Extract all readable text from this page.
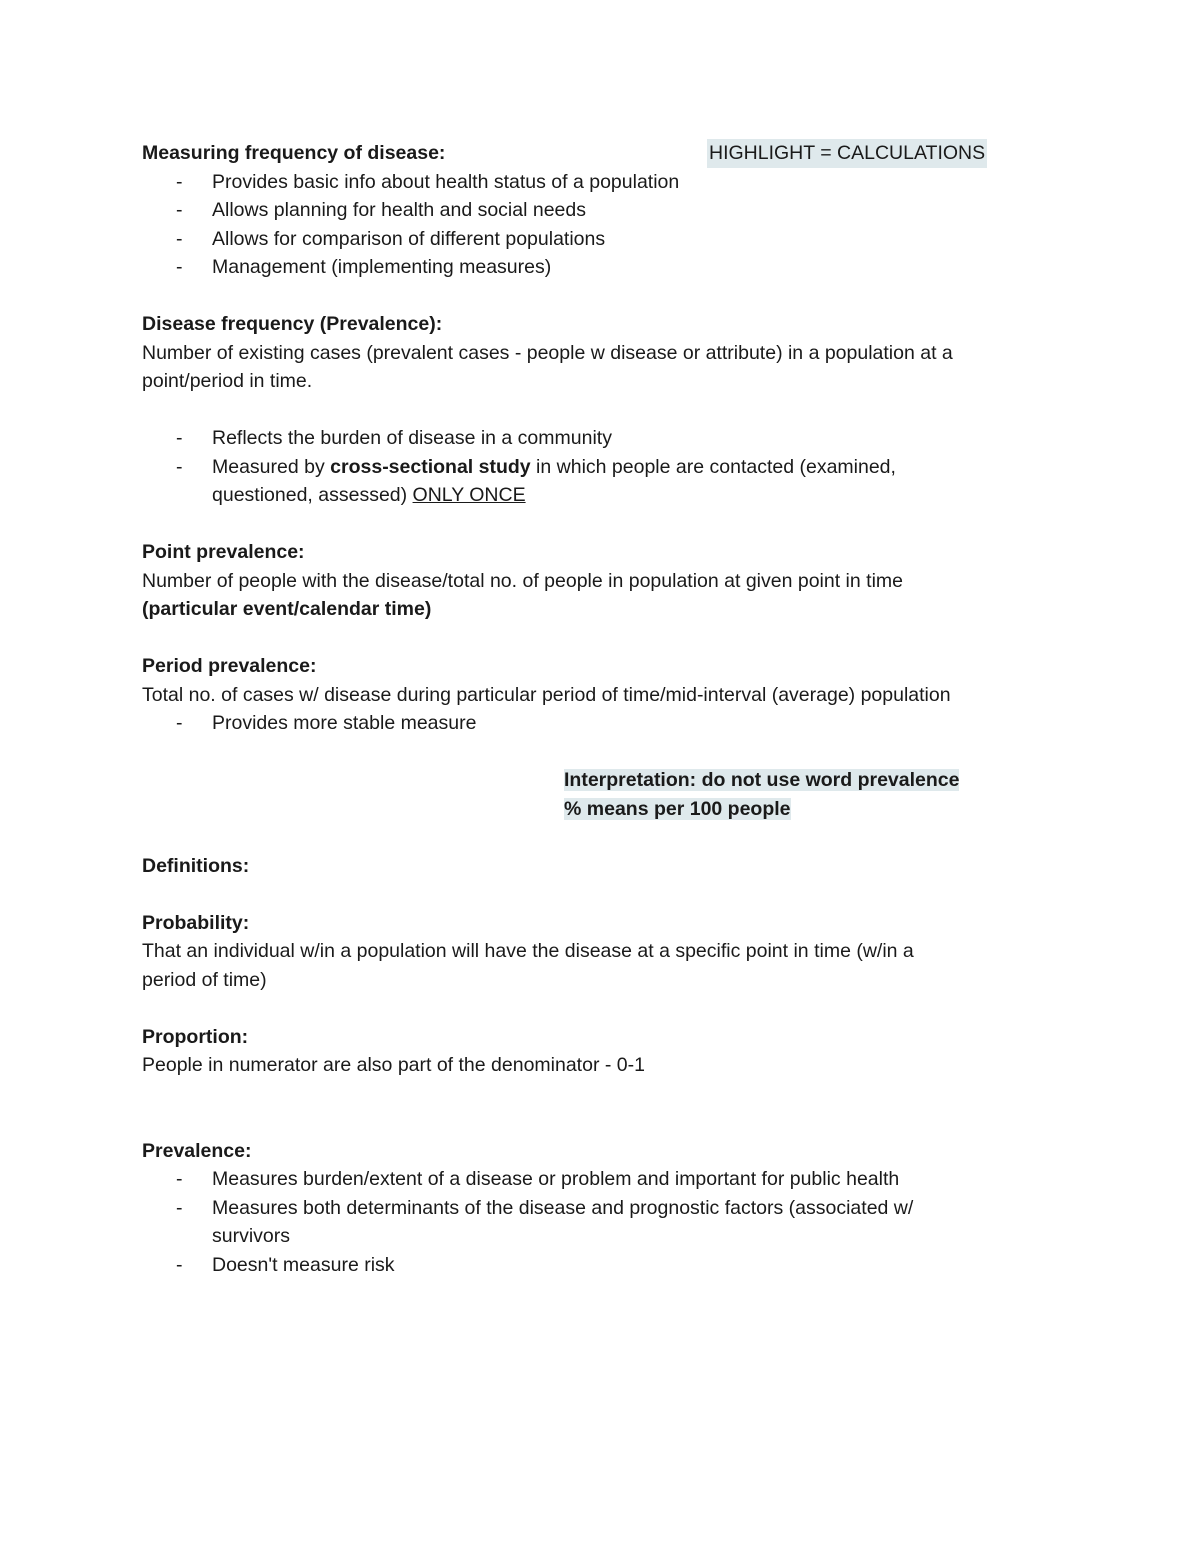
Measuring frequency of disease:	HIGHLIGHT = CALCULATIONS
- Provides basic info about health status of a population
- Allows planning for health and social needs
- Allows for comparison of different populations
- Management (implementing measures)

Disease frequency (Prevalence):

Number of existing cases (prevalent cases - people w disease or attribute) in a population at a

point/period in time.

- Reflects the burden of disease in a community
- Measured by cross-sectional study in which people are contacted (examined,
questioned, assessed) ONLY ONCE

Point prevalence:

Number of people with the disease/total no. of people in population at given point in time

(particular event/calendar time)

Period prevalence:

Total no. of cases w/ disease during particular period of time/mid-interval (average) population

- Provides more stable measure

Interpretation: do not use word prevalence

% means per 100 people

Definitions:

Probability:

That an individual w/in a population will have the disease at a specific point in time (w/in a

period of time)

Proportion:

People in numerator are also part of the denominator - 0-1

Prevalence:

- Measures burden/extent of a disease or problem and important for public health
- Measures both determinants of the disease and prognostic factors (associated w/
survivors
- Doesn't measure risk
